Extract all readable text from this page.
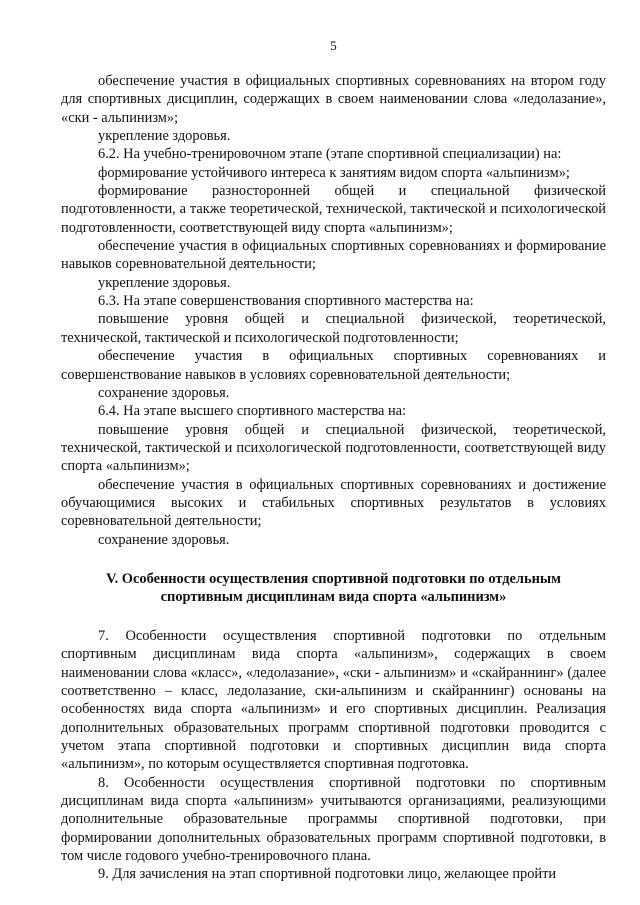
5

обеспечение участия в официальных спортивных соревнованиях на втором году для спортивных дисциплин, содержащих в своем наименовании слова «ледолазание», «ски - альпинизм»;

укрепление здоровья.

6.2. На учебно-тренировочном этапе (этапе спортивной специализации) на:

формирование устойчивого интереса к занятиям видом спорта «альпинизм»;

формирование разносторонней общей и специальной физической подготовленности, а также теоретической, технической, тактической и психологической подготовленности, соответствующей виду спорта «альпинизм»;

обеспечение участия в официальных спортивных соревнованиях и формирование навыков соревновательной деятельности;

укрепление здоровья.

6.3. На этапе совершенствования спортивного мастерства на:

повышение уровня общей и специальной физической, теоретической, технической, тактической и психологической подготовленности;

обеспечение участия в официальных спортивных соревнованиях и совершенствование навыков в условиях соревновательной деятельности;

сохранение здоровья.

6.4. На этапе высшего спортивного мастерства на:

повышение уровня общей и специальной физической, теоретической, технической, тактической и психологической подготовленности, соответствующей виду спорта «альпинизм»;

обеспечение участия в официальных спортивных соревнованиях и достижение обучающимися высоких и стабильных спортивных результатов в условиях соревновательной деятельности;

сохранение здоровья.

V. Особенности осуществления спортивной подготовки по отдельным
спортивным дисциплинам вида спорта «альпинизм»

7. Особенности осуществления спортивной подготовки по отдельным спортивным дисциплинам вида спорта «альпинизм», содержащих в своем наименовании слова «класс», «ледолазание», «ски - альпинизм» и «скайраннинг» (далее соответственно – класс, ледолазание, ски-альпинизм и скайраннинг) основаны на особенностях вида спорта «альпинизм» и его спортивных дисциплин. Реализация дополнительных образовательных программ спортивной подготовки проводится с учетом этапа спортивной подготовки и спортивных дисциплин вида спорта «альпинизм», по которым осуществляется спортивная подготовка.

8. Особенности осуществления спортивной подготовки по спортивным дисциплинам вида спорта «альпинизм» учитываются организациями, реализующими дополнительные образовательные программы спортивной подготовки, при формировании дополнительных образовательных программ спортивной подготовки, в том числе годового учебно-тренировочного плана.

9. Для зачисления на этап спортивной подготовки лицо, желающее пройти
